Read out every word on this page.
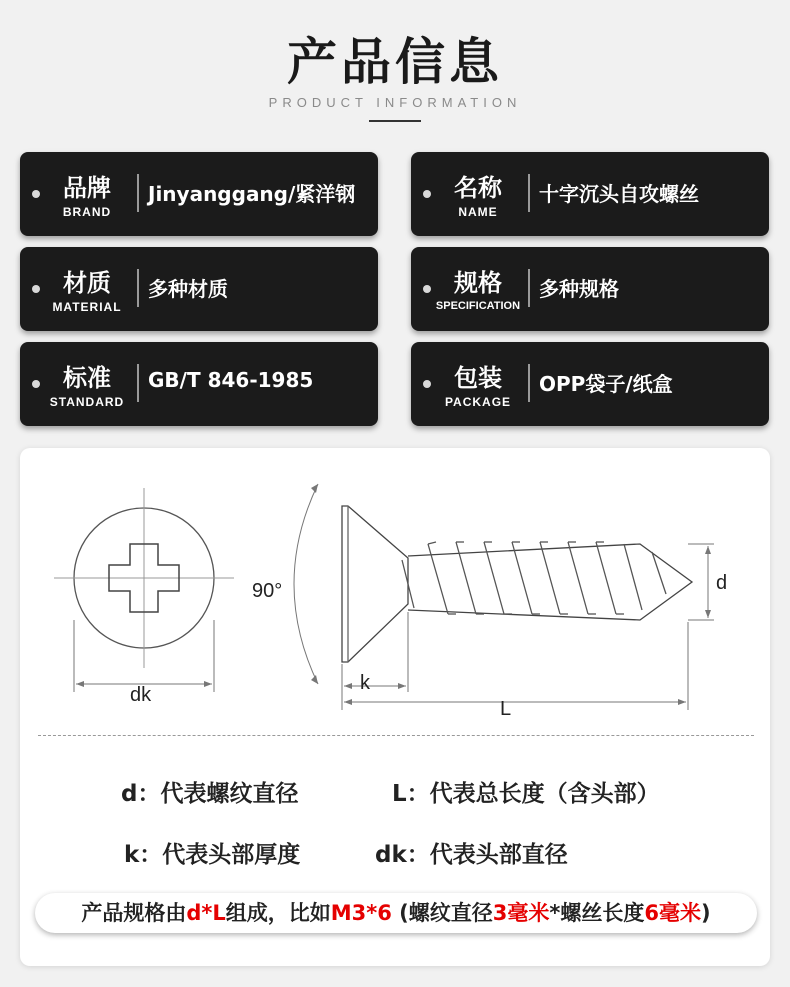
产品信息
PRODUCT INFORMATION
品牌
BRAND
Jinyanggang/紧洋钢	名称
NAME
十字沉头自攻螺丝
材质
MATERIAL
多种材质	规格
SPECIFICATION
多种规格
标准
STANDARD
GB/T 846-1985	包装
PACKAGE
OPP袋子/纸盒
dk
90°
k
L
d
d：代表螺纹直径	L：代表总长度（含头部）
k：代表头部厚度	dk：代表头部直径
产品规格由d*L组成，比如M3*6 (螺纹直径3毫米*螺丝长度6毫米)
